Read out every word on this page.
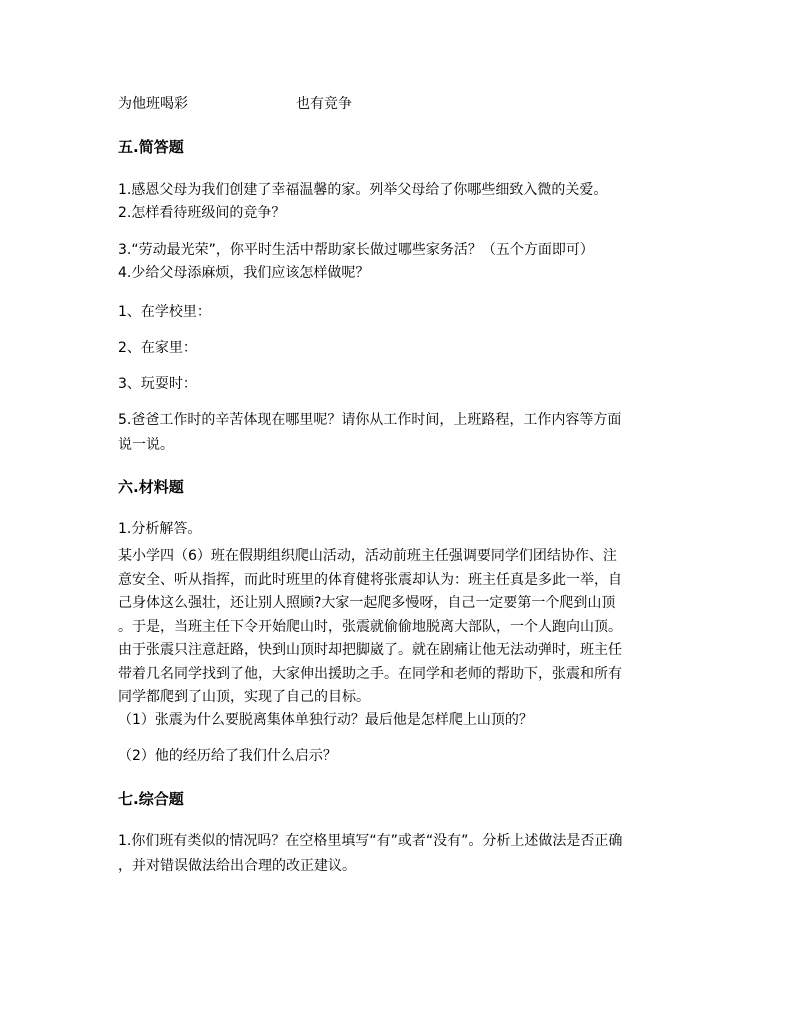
为他班喝彩	也有竞争
五.简答题
1.感恩父母为我们创建了幸福温馨的家。列举父母给了你哪些细致入微的关爱。
2.怎样看待班级间的竞争？
3.“劳动最光荣”，你平时生活中帮助家长做过哪些家务活？（五个方面即可）
4.少给父母添麻烦，我们应该怎样做呢？
1、在学校里：
2、在家里：
3、玩耍时：
5.爸爸工作时的辛苦体现在哪里呢？请你从工作时间，上班路程，工作内容等方面
说一说。
六.材料题
1.分析解答。
某小学四（6）班在假期组织爬山活动，活动前班主任强调要同学们团结协作、注
意安全、听从指挥，而此时班里的体育健将张震却认为：班主任真是多此一举，自
己身体这么强壮，还让别人照顾?大家一起爬多慢呀，自己一定要第一个爬到山顶
。于是，当班主任下令开始爬山时，张震就偷偷地脱离大部队，一个人跑向山顶。
由于张震只注意赶路，快到山顶时却把脚崴了。就在剧痛让他无法动弹时，班主任
带着几名同学找到了他，大家伸出援助之手。在同学和老师的帮助下，张震和所有
同学都爬到了山顶，实现了自己的目标。
（1）张震为什么要脱离集体单独行动？最后他是怎样爬上山顶的？
（2）他的经历给了我们什么启示？
七.综合题
1.你们班有类似的情况吗？在空格里填写“有”或者“没有”。分析上述做法是否正确
，并对错误做法给出合理的改正建议。
